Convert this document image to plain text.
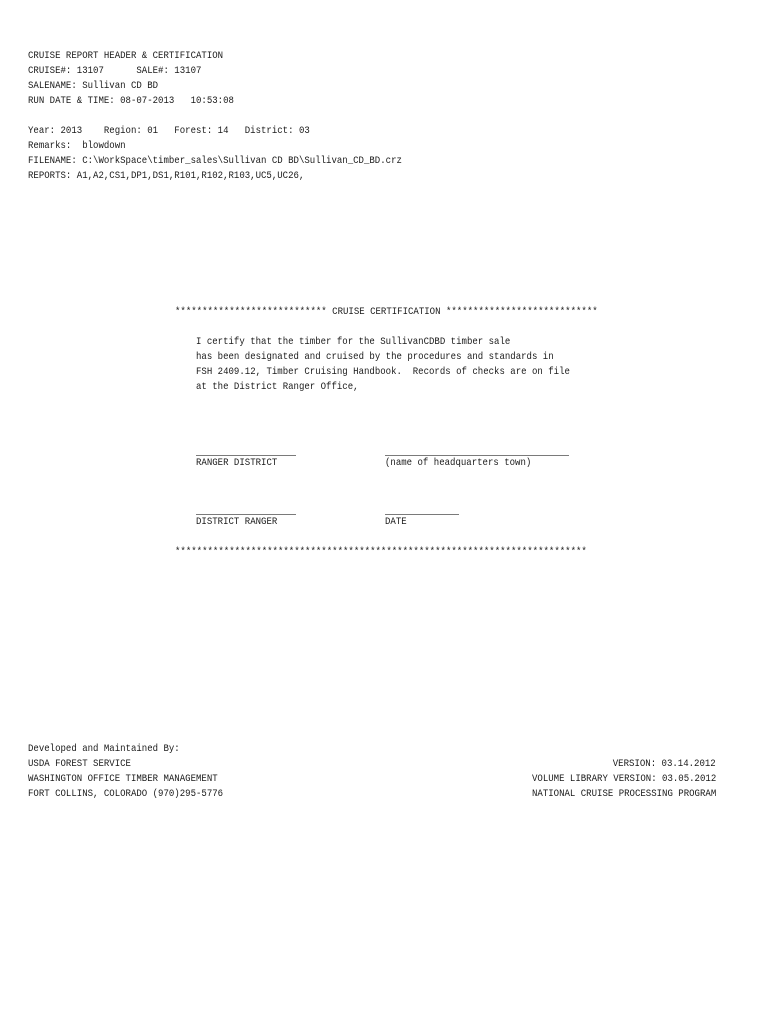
CRUISE REPORT HEADER & CERTIFICATION
CRUISE#: 13107      SALE#: 13107
SALENAME: Sullivan CD BD
RUN DATE & TIME: 08-07-2013   10:53:08
Year: 2013    Region: 01   Forest: 14   District: 03
Remarks:  blowdown
FILENAME: C:\WorkSpace\timber_sales\Sullivan CD BD\Sullivan_CD_BD.crz
REPORTS: A1,A2,CS1,DP1,DS1,R101,R102,R103,UC5,UC26,
**************************** CRUISE CERTIFICATION ****************************
I certify that the timber for the SullivanCDBD timber sale
has been designated and cruised by the procedures and standards in
FSH 2409.12, Timber Cruising Handbook.  Records of checks are on file
at the District Ranger Office,
RANGER DISTRICT	(name of headquarters town)
DISTRICT RANGER	DATE
****************************************************************************
Developed and Maintained By:
USDA FOREST SERVICE
WASHINGTON OFFICE TIMBER MANAGEMENT
FORT COLLINS, COLORADO (970)295-5776
VERSION: 03.14.2012
VOLUME LIBRARY VERSION: 03.05.2012
NATIONAL CRUISE PROCESSING PROGRAM
